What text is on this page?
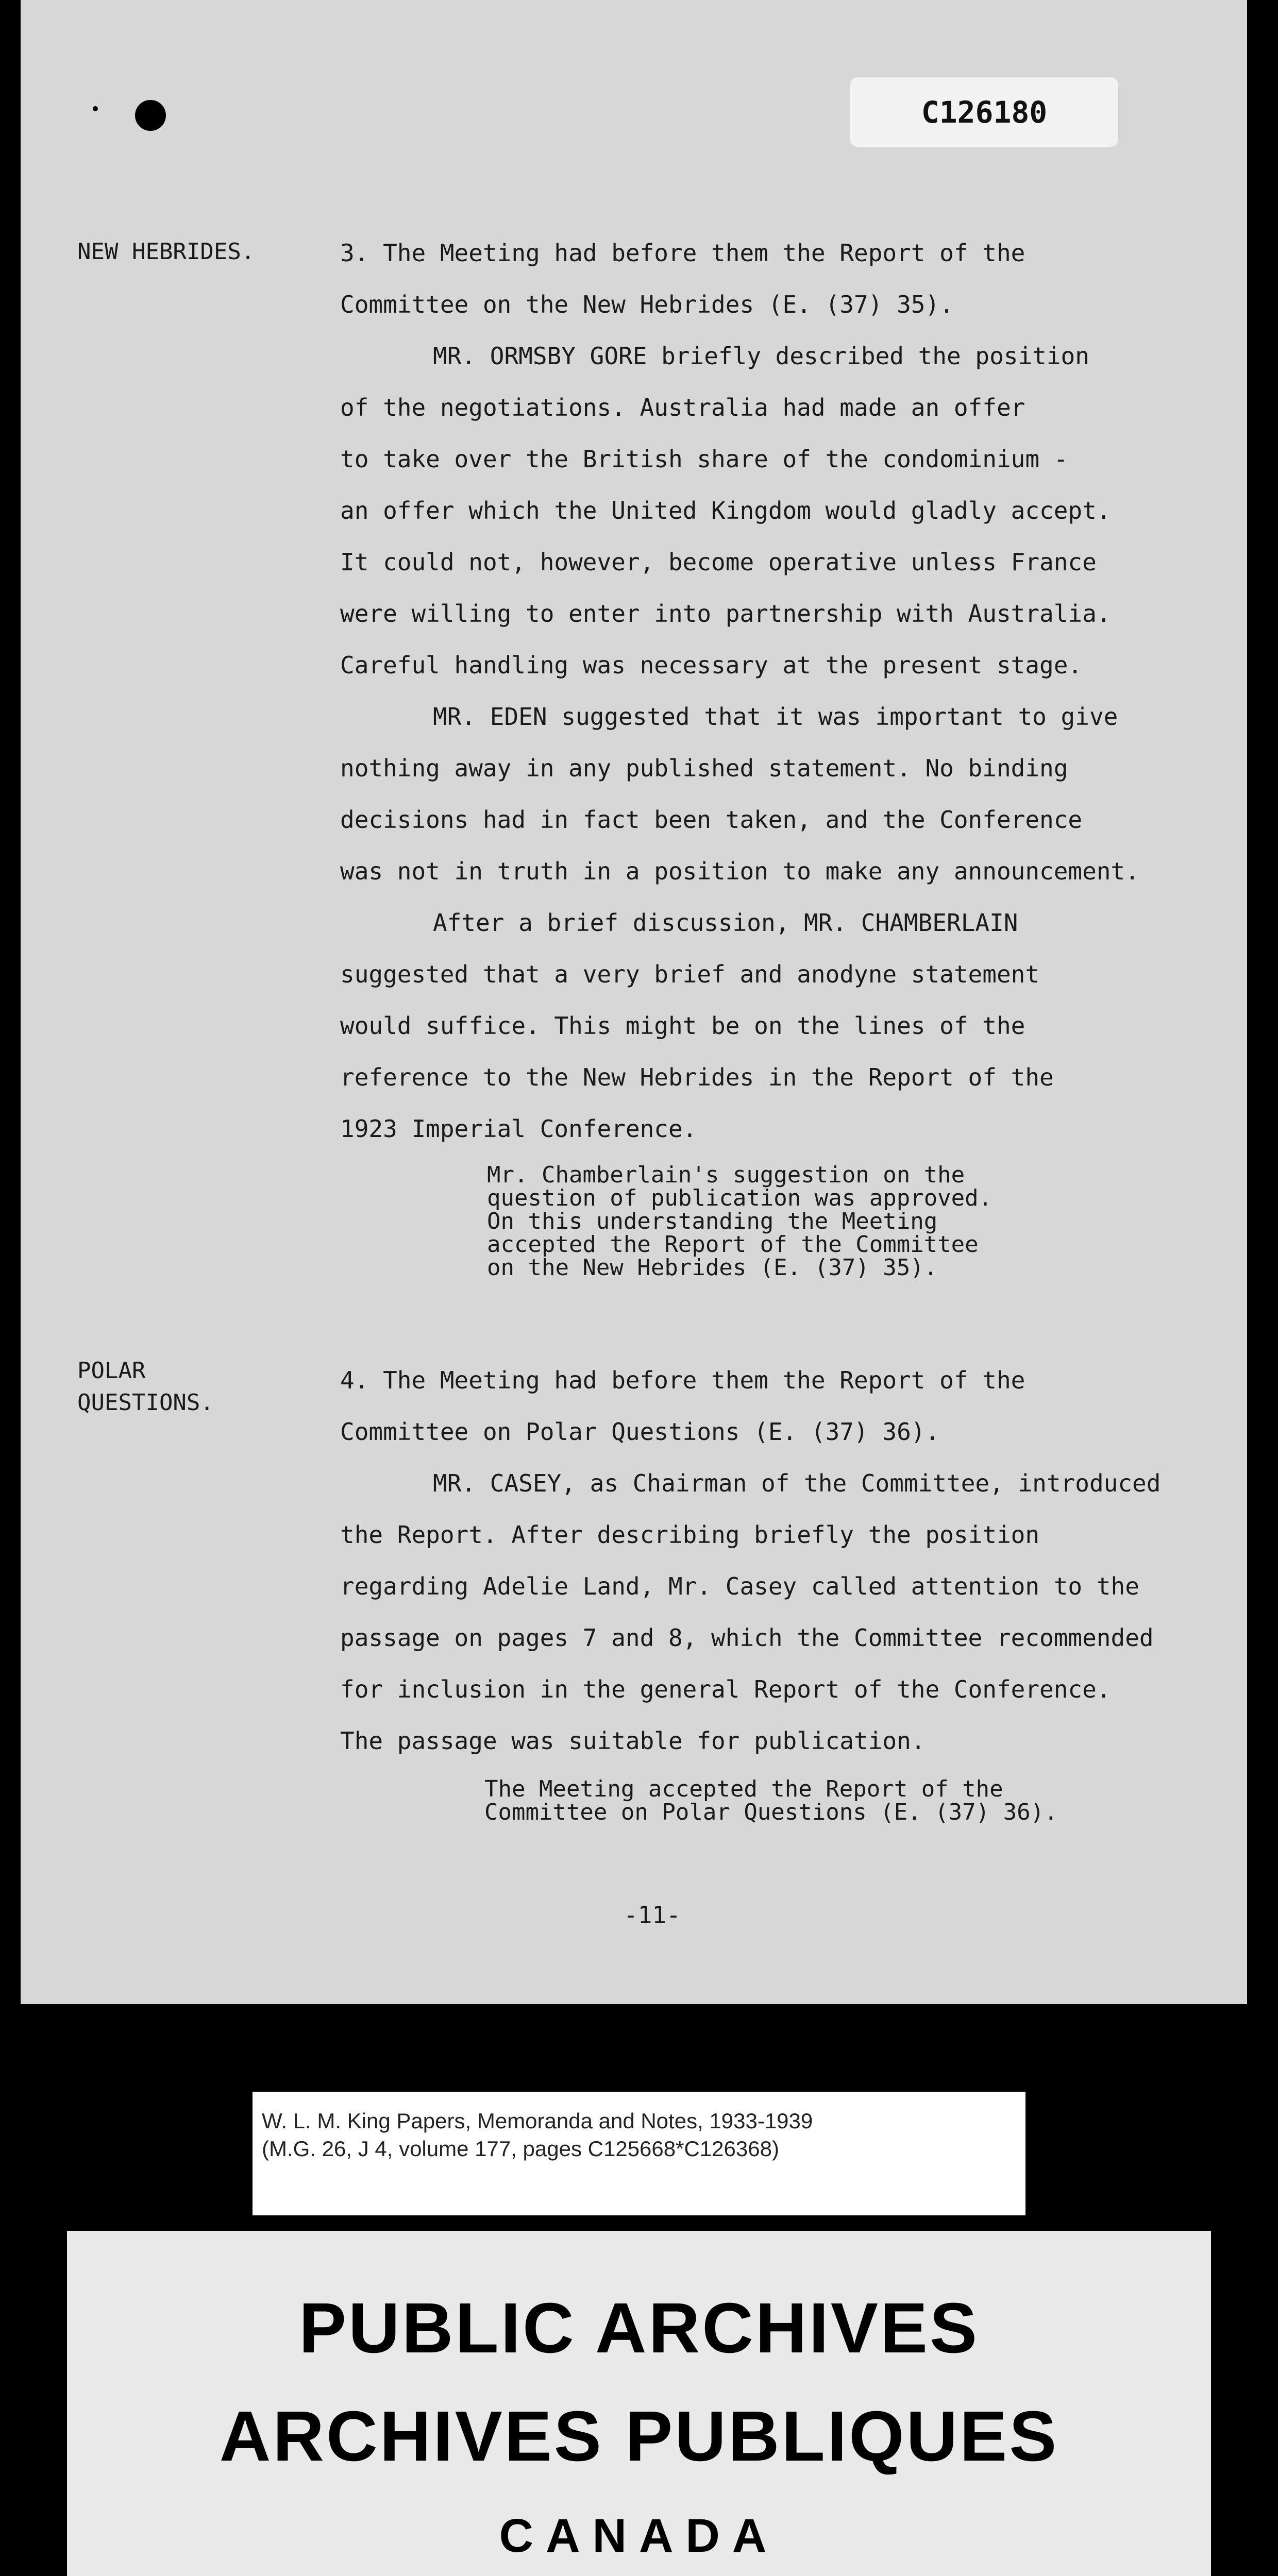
C126180
NEW HEBRIDES.	3. The Meeting had before them the Report of the
Committee on the New Hebrides (E. (37) 35).
MR. ORMSBY GORE briefly described the position
of the negotiations. Australia had made an offer
to take over the British share of the condominium -
an offer which the United Kingdom would gladly accept.
It could not, however, become operative unless France
were willing to enter into partnership with Australia.
Careful handling was necessary at the present stage.
MR. EDEN suggested that it was important to give
nothing away in any published statement. No binding
decisions had in fact been taken, and the Conference
was not in truth in a position to make any announcement.
After a brief discussion, MR. CHAMBERLAIN
suggested that a very brief and anodyne statement
would suffice. This might be on the lines of the
reference to the New Hebrides in the Report of the
1923 Imperial Conference.
Mr. Chamberlain's suggestion on the
question of publication was approved.
On this understanding the Meeting
accepted the Report of the Committee
on the New Hebrides (E. (37) 35).
POLAR
QUESTIONS.
4. The Meeting had before them the Report of the
Committee on Polar Questions (E. (37) 36).
MR. CASEY, as Chairman of the Committee, introduced
the Report. After describing briefly the position
regarding Adelie Land, Mr. Casey called attention to the
passage on pages 7 and 8, which the Committee recommended
for inclusion in the general Report of the Conference.
The passage was suitable for publication.
The Meeting accepted the Report of the
Committee on Polar Questions (E. (37) 36).
-11-
W. L. M. King Papers, Memoranda and Notes, 1933-1939
(M.G. 26, J 4, volume 177, pages C125668*C126368)
PUBLIC ARCHIVES
ARCHIVES PUBLIQUES
CANADA
